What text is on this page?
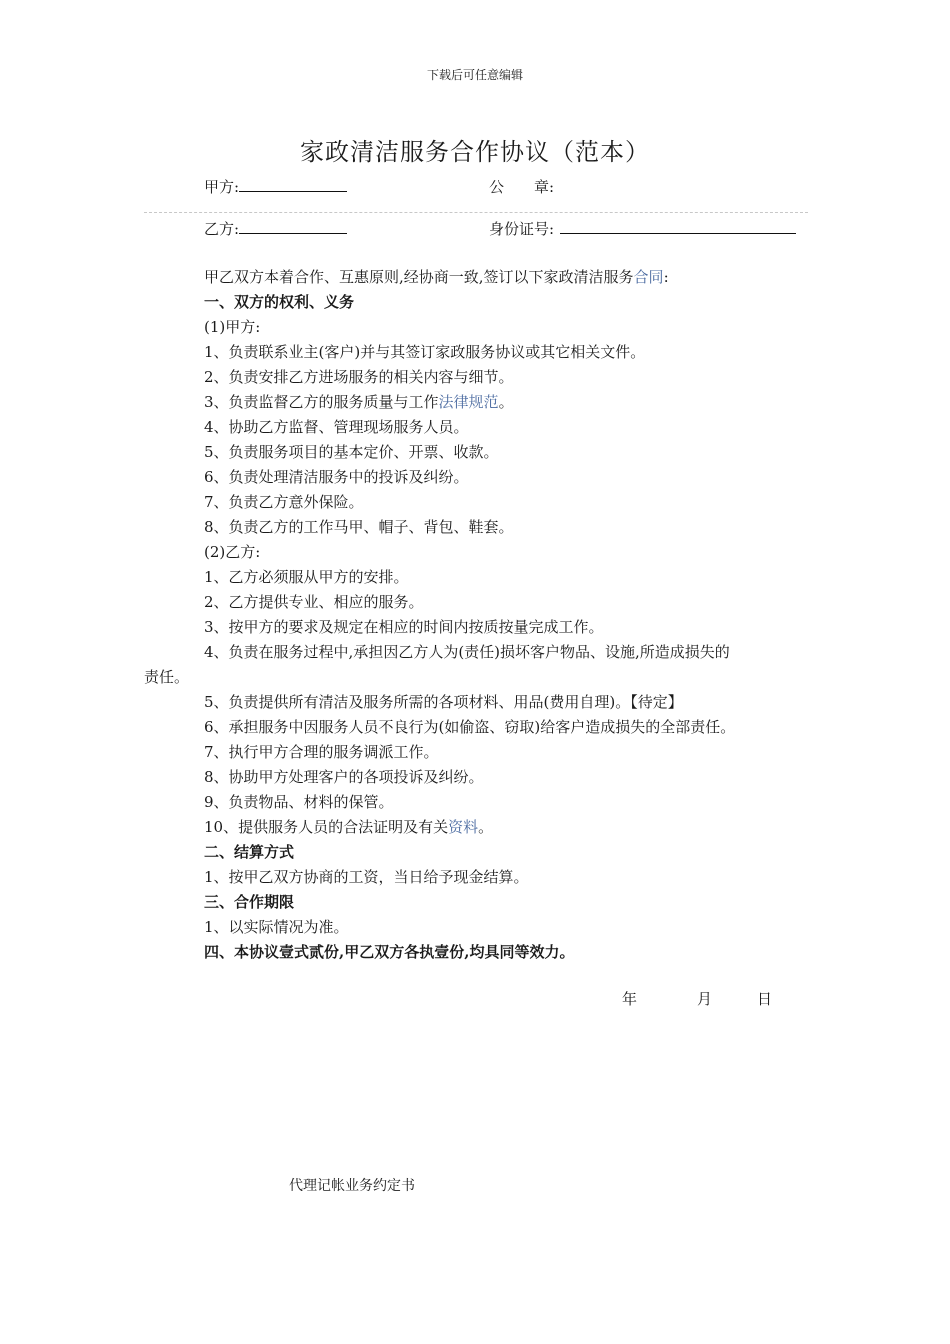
下载后可任意编辑
家政清洁服务合作协议（范本）
甲方:	公　　章:
乙方:	身份证号:
甲乙双方本着合作、互惠原则,经协商一致,签订以下家政清洁服务合同:
一、双方的权利、义务
(1)甲方:
1、负责联系业主(客户)并与其签订家政服务协议或其它相关文件。
2、负责安排乙方进场服务的相关内容与细节。
3、负责监督乙方的服务质量与工作法律规范。
4、协助乙方监督、管理现场服务人员。
5、负责服务项目的基本定价、开票、收款。
6、负责处理清洁服务中的投诉及纠纷。
7、负责乙方意外保险。
8、负责乙方的工作马甲、帽子、背包、鞋套。
(2)乙方:
1、乙方必须服从甲方的安排。
2、乙方提供专业、相应的服务。
3、按甲方的要求及规定在相应的时间内按质按量完成工作。
4、负责在服务过程中,承担因乙方人为(责任)损坏客户物品、设施,所造成损失的
责任。
5、负责提供所有清洁及服务所需的各项材料、用品(费用自理)。【待定】
6、承担服务中因服务人员不良行为(如偷盗、窃取)给客户造成损失的全部责任。
7、执行甲方合理的服务调派工作。
8、协助甲方处理客户的各项投诉及纠纷。
9、负责物品、材料的保管。
10、提供服务人员的合法证明及有关资料。
二、结算方式
1、按甲乙双方协商的工资，当日给予现金结算。
三、合作期限
1、以实际情况为准。
四、本协议壹式贰份,甲乙双方各执壹份,均具同等效力。
年	月	日
代理记帐业务约定书
